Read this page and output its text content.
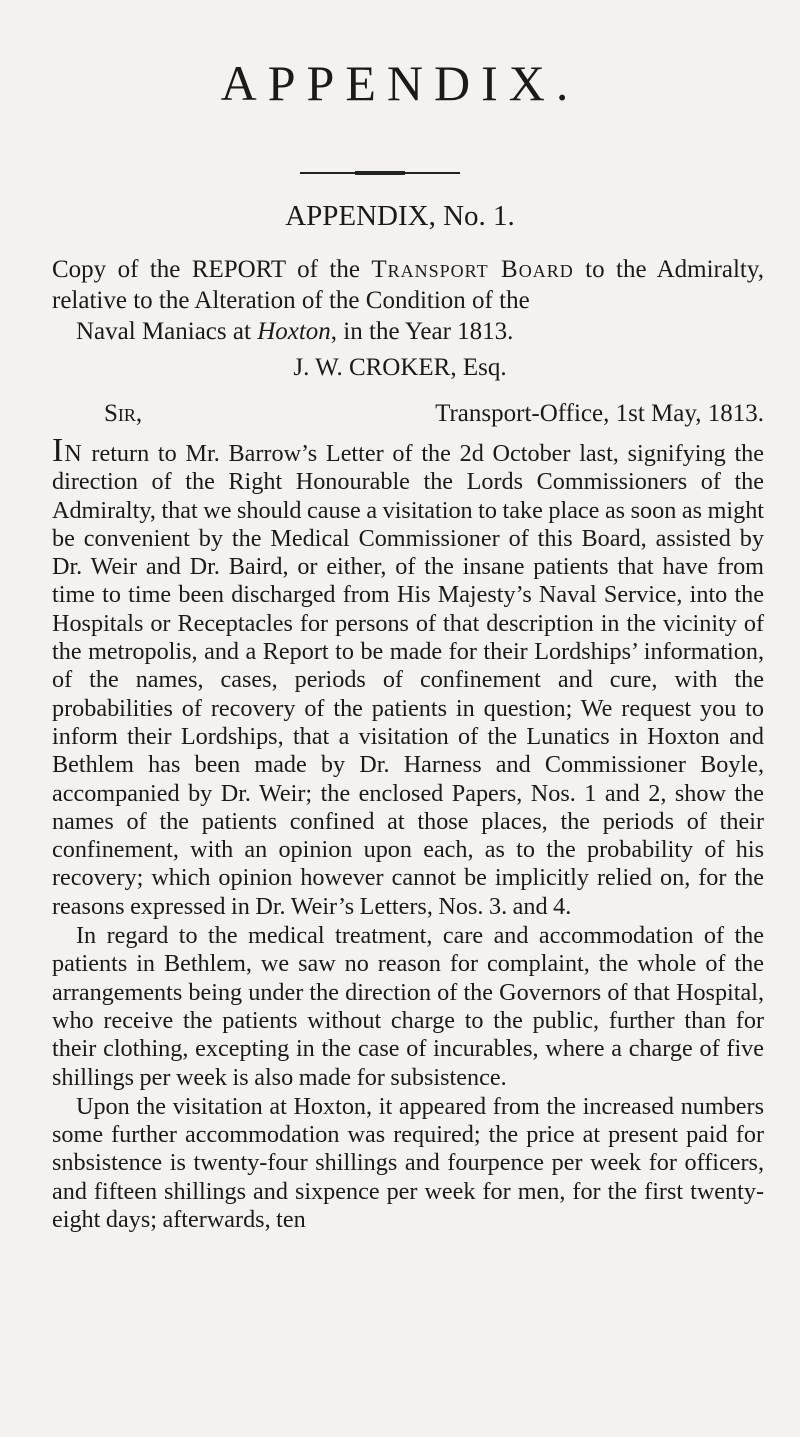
APPENDIX.
APPENDIX, No. 1.

Copy of the REPORT of the Transport Board to the Admiralty, relative to the Alteration of the Condition of the
Naval Maniacs at Hoxton, in the Year 1813.

J. W. CROKER, Esq.

Sir,	Transport-Office, 1st May, 1813.

In return to Mr. Barrow’s Letter of the 2d October last, signifying the direction of the Right Honourable the Lords Commissioners of the Admiralty, that we should cause a visitation to take place as soon as might be convenient by the Medical Commissioner of this Board, assisted by Dr. Weir and Dr. Baird, or either, of the insane patients that have from time to time been discharged from His Majesty’s Naval Service, into the Hospitals or Receptacles for persons of that description in the vicinity of the metropolis, and a Report to be made for their Lordships’ information, of the names, cases, periods of confinement and cure, with the probabilities of recovery of the patients in question; We request you to inform their Lordships, that a visitation of the Lunatics in Hoxton and Bethlem has been made by Dr. Harness and Commissioner Boyle, accompanied by Dr. Weir; the enclosed Papers, Nos. 1 and 2, show the names of the patients confined at those places, the periods of their confinement, with an opinion upon each, as to the probability of his recovery; which opinion however cannot be implicitly relied on, for the reasons expressed in Dr. Weir’s Letters, Nos. 3. and 4.

In regard to the medical treatment, care and accommodation of the patients in Bethlem, we saw no reason for complaint, the whole of the arrangements being under the direction of the Governors of that Hospital, who receive the patients without charge to the public, further than for their clothing, excepting in the case of incurables, where a charge of five shillings per week is also made for subsistence.

Upon the visitation at Hoxton, it appeared from the increased numbers some further accommodation was required; the price at present paid for snbsistence is twenty-four shillings and fourpence per week for officers, and fifteen shillings and sixpence per week for men, for the first twenty-eight days; afterwards, ten
